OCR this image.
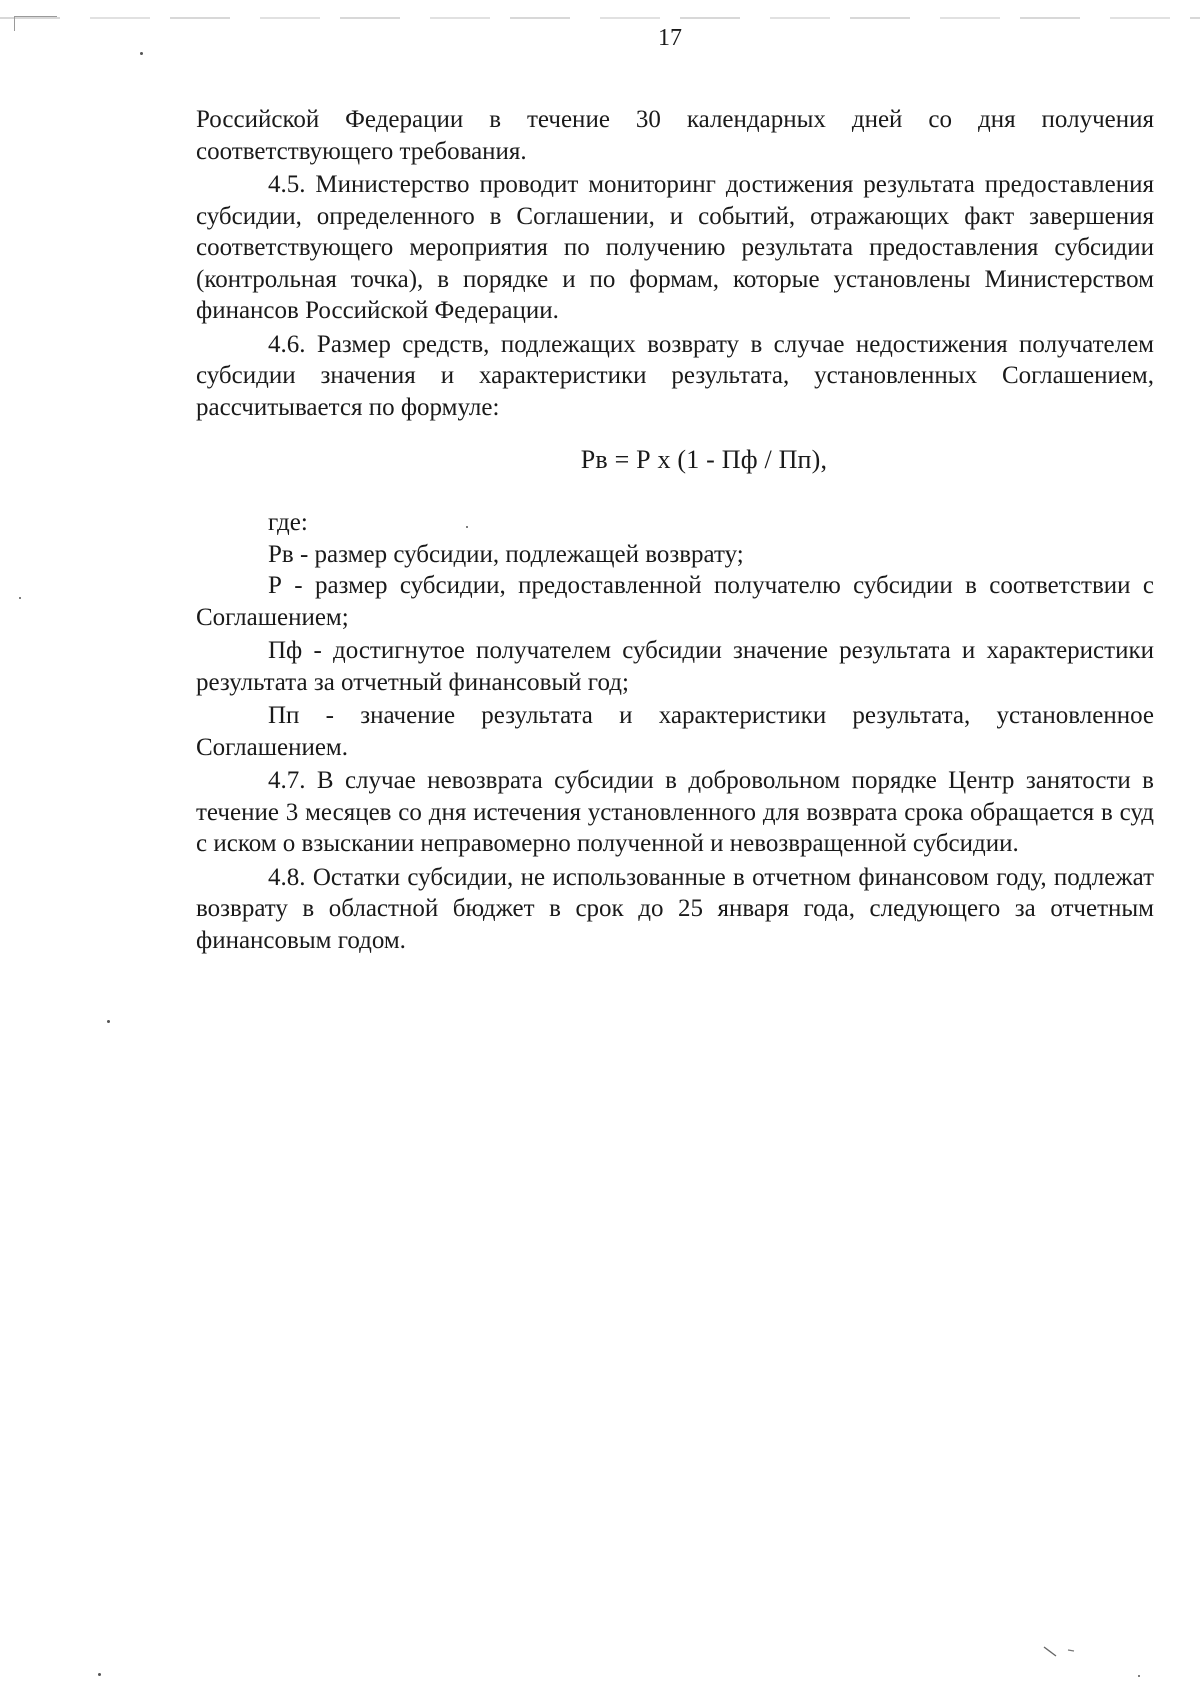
17

Российской Федерации в течение 30 календарных дней со дня получения соответствующего требования.

4.5. Министерство проводит мониторинг достижения результата предоставления субсидии, определенного в Соглашении, и событий, отражающих факт завершения соответствующего мероприятия по получению результата предоставления субсидии (контрольная точка), в порядке и по формам, которые установлены Министерством финансов Российской Федерации.

4.6. Размер средств, подлежащих возврату в случае недостижения получателем субсидии значения и характеристики результата, установленных Соглашением, рассчитывается по формуле:

Рв = Р х (1 - Пф / Пп),

где:

Рв - размер субсидии, подлежащей возврату;

Р - размер субсидии, предоставленной получателю субсидии в соответствии с Соглашением;

Пф - достигнутое получателем субсидии значение результата и характеристики результата за отчетный финансовый год;

Пп - значение результата и характеристики результата, установленное Соглашением.

4.7. В случае невозврата субсидии в добровольном порядке Центр занятости в течение 3 месяцев со дня истечения установленного для возврата срока обращается в суд с иском о взыскании неправомерно полученной и невозвращенной субсидии.

4.8. Остатки субсидии, не использованные в отчетном финансовом году, подлежат возврату в областной бюджет в срок до 25 января года, следующего за отчетным финансовым годом.
